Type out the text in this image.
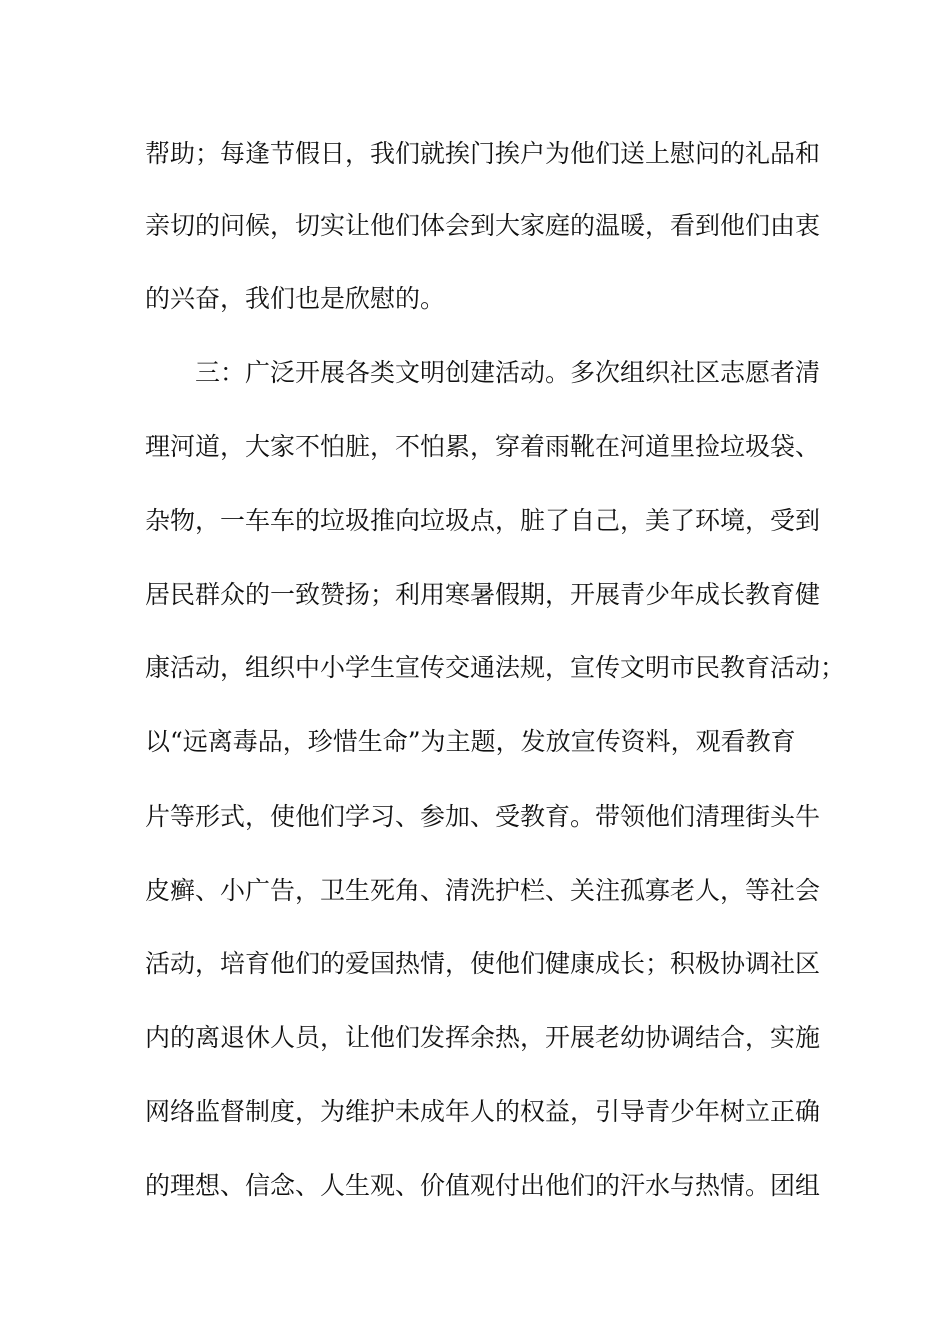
帮助；每逢节假日，我们就挨门挨户为他们送上慰问的礼品和

亲切的问候，切实让他们体会到大家庭的温暖，看到他们由衷

的兴奋，我们也是欣慰的。

三：广泛开展各类文明创建活动。多次组织社区志愿者清

理河道，大家不怕脏，不怕累，穿着雨靴在河道里捡垃圾袋、

杂物，一车车的垃圾推向垃圾点，脏了自己，美了环境，受到

居民群众的一致赞扬；利用寒暑假期，开展青少年成长教育健

康活动，组织中小学生宣传交通法规，宣传文明市民教育活动；

以“远离毒品，珍惜生命”为主题，发放宣传资料，观看教育

片等形式，使他们学习、参加、受教育。带领他们清理街头牛

皮癣、小广告，卫生死角、清洗护栏、关注孤寡老人，等社会

活动，培育他们的爱国热情，使他们健康成长；积极协调社区

内的离退休人员，让他们发挥余热，开展老幼协调结合，实施

网络监督制度，为维护未成年人的权益，引导青少年树立正确

的理想、信念、人生观、价值观付出他们的汗水与热情。团组
